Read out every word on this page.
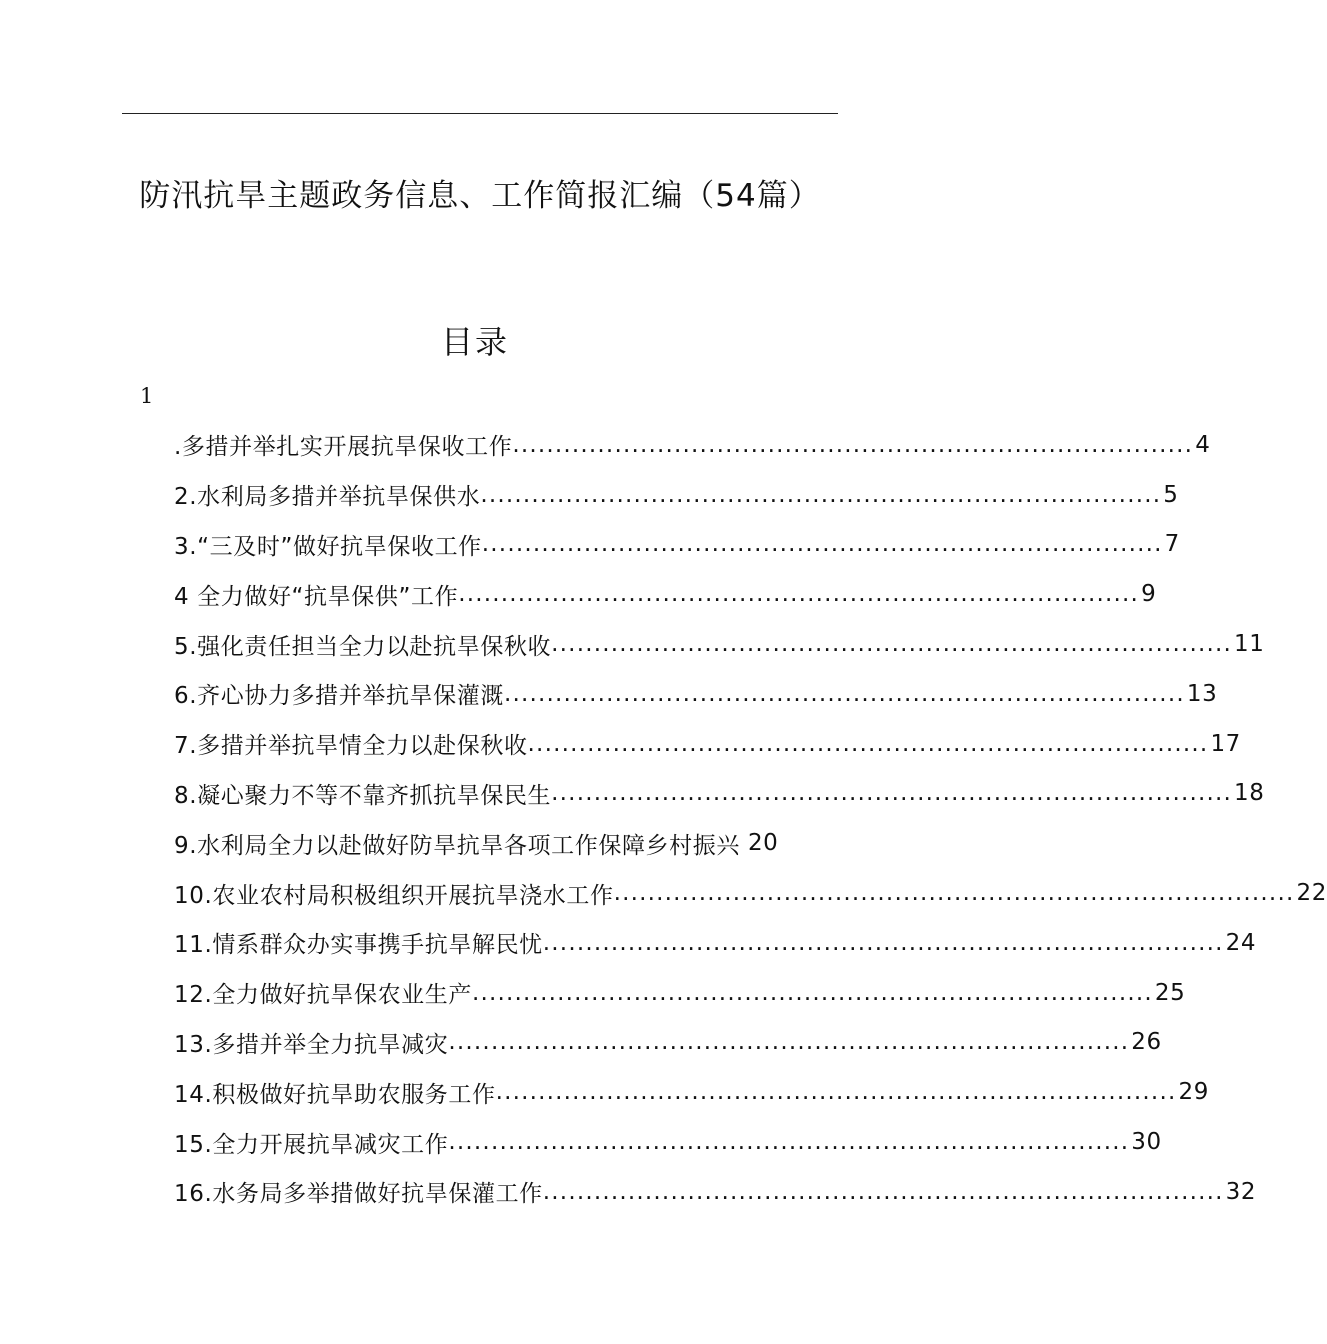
防汛抗旱主题政务信息、工作简报汇编（54篇）
目录
1
.多措并举扎实开展抗旱保收工作 ................................................................................ 4
2.水利局多措并举抗旱保供水 ................................................................................ 5
3.“三及时”做好抗旱保收工作 ................................................................................ 7
4 全力做好“抗旱保供”工作 ................................................................................ 9
5.强化责任担当全力以赴抗旱保秋收 ................................................................................ 11
6.齐心协力多措并举抗旱保灌溉 ................................................................................ 13
7.多措并举抗旱情全力以赴保秋收 ................................................................................ 17
8.凝心聚力不等不靠齐抓抗旱保民生 ................................................................................ 18
9.水利局全力以赴做好防旱抗旱各项工作保障乡村振兴 20
10.农业农村局积极组织开展抗旱浇水工作 ................................................................................ 22
11.情系群众办实事携手抗旱解民忧 ................................................................................ 24
12.全力做好抗旱保农业生产 ................................................................................ 25
13.多措并举全力抗旱减灾 ................................................................................ 26
14.积极做好抗旱助农服务工作 ................................................................................ 29
15.全力开展抗旱减灾工作 ................................................................................ 30
16.水务局多举措做好抗旱保灌工作 ................................................................................ 32
